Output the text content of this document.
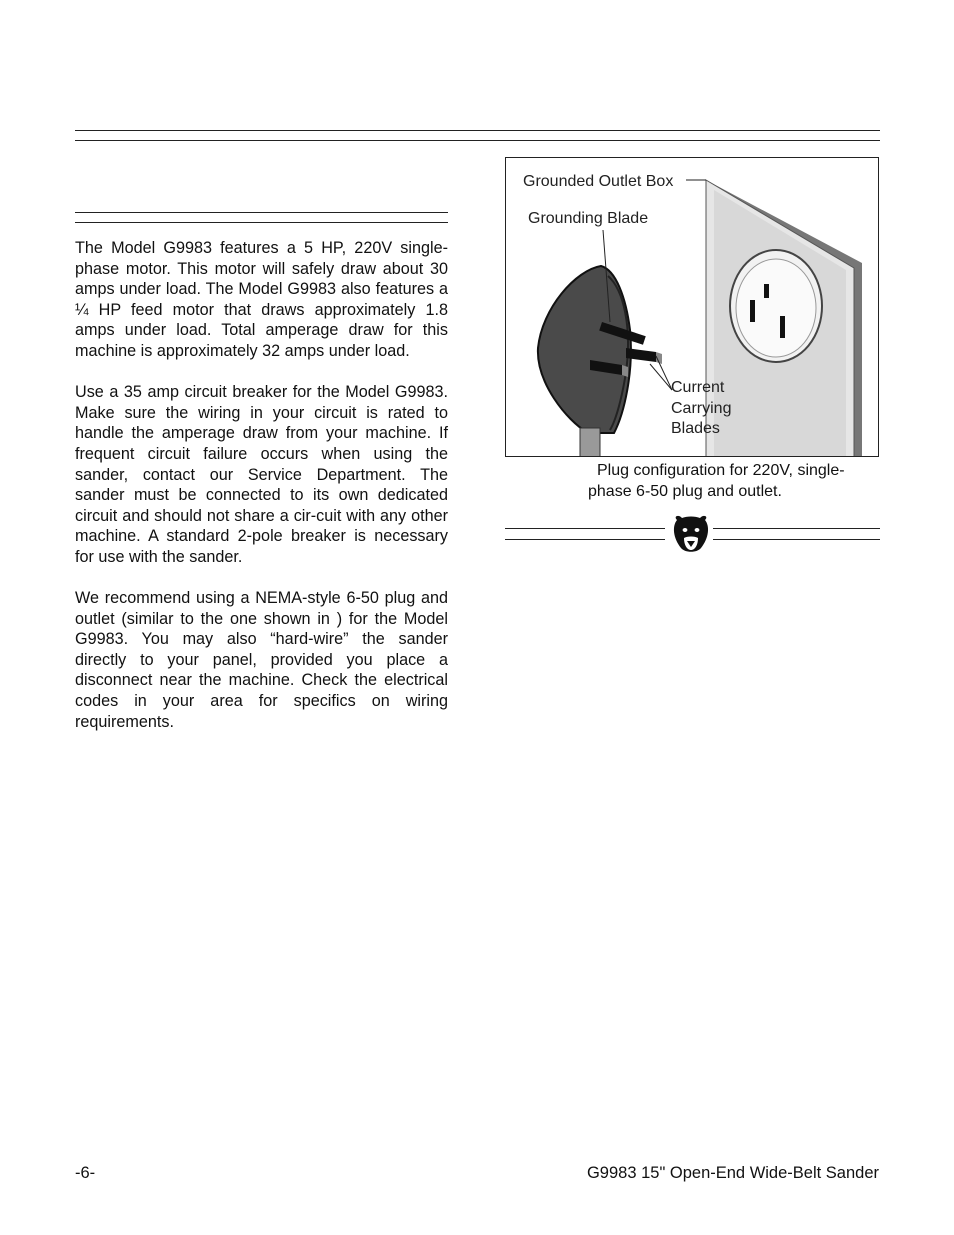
The Model G9983 features a 5 HP, 220V single-phase motor. This motor will safely draw about 30 amps under load. The Model G9983 also features a ¼ HP feed motor that draws approximately 1.8 amps under load. Total amperage draw for this machine is approximately 32 amps under load.

Use a 35 amp circuit breaker for the Model G9983. Make sure the wiring in your circuit is rated to handle the amperage draw from your machine. If frequent circuit failure occurs when using the sander, contact our Service Department. The sander must be connected to its own dedicated circuit and should not share a cir-cuit with any other machine. A standard 2-pole breaker is necessary for use with the sander.

We recommend using a NEMA-style 6-50 plug and outlet (similar to the one shown in ) for the Model G9983. You may also “hard-wire” the sander directly to your panel, provided you place a disconnect near the machine. Check the electrical codes in your area for specifics on wiring requirements.

Grounded Outlet Box
Grounding Blade
Current
Carrying
Blades
Plug configuration for 220V, single-
phase 6-50 plug and outlet.
-6-	G9983 15" Open-End Wide-Belt Sander
